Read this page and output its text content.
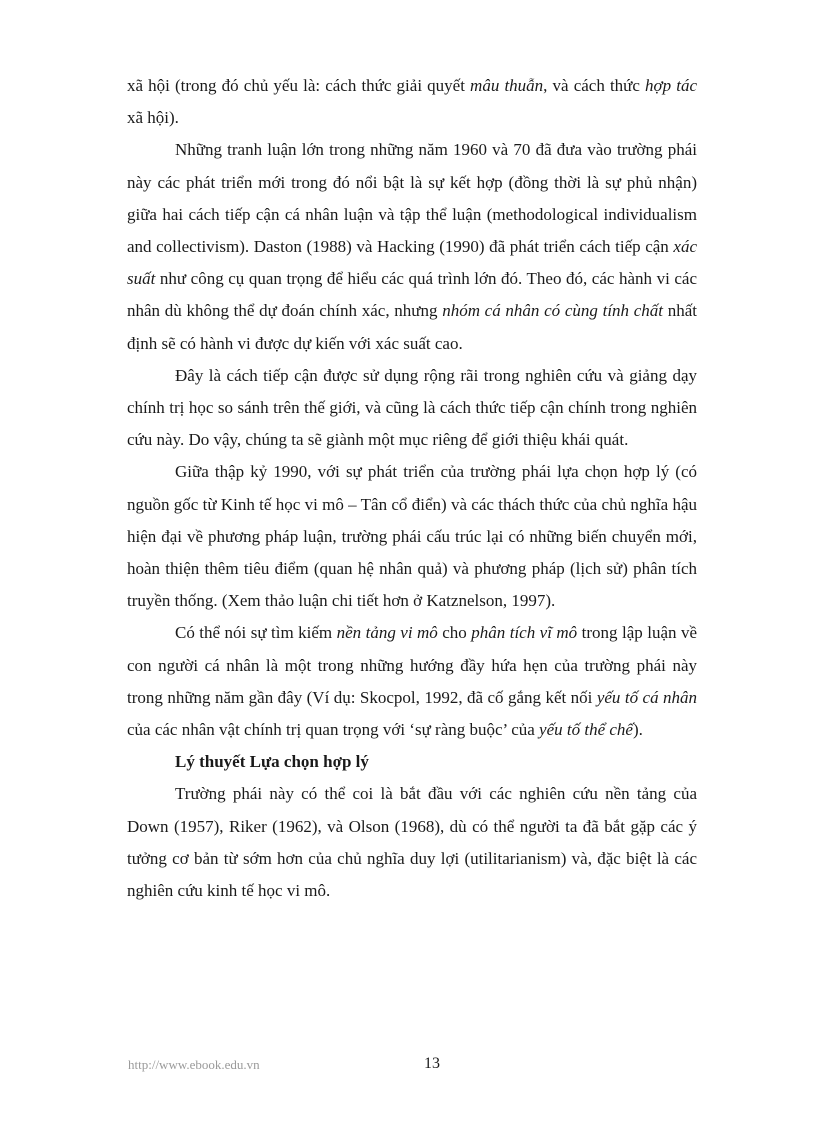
xã hội (trong đó chủ yếu là: cách thức giải quyết mâu thuẫn, và cách thức hợp tác xã hội).

Những tranh luận lớn trong những năm 1960 và 70 đã đưa vào trường phái này các phát triển mới trong đó nổi bật là sự kết hợp (đồng thời là sự phủ nhận) giữa hai cách tiếp cận cá nhân luận và tập thể luận (methodological individualism and collectivism). Daston (1988) và Hacking (1990) đã phát triển cách tiếp cận xác suất như công cụ quan trọng để hiểu các quá trình lớn đó. Theo đó, các hành vi các nhân dù không thể dự đoán chính xác, nhưng nhóm cá nhân có cùng tính chất nhất định sẽ có hành vi được dự kiến với xác suất cao.

Đây là cách tiếp cận được sử dụng rộng rãi trong nghiên cứu và giảng dạy chính trị học so sánh trên thế giới, và cũng là cách thức tiếp cận chính trong nghiên cứu này. Do vậy, chúng ta sẽ giành một mục riêng để giới thiệu khái quát.

Giữa thập kỷ 1990, với sự phát triển của trường phái lựa chọn hợp lý (có nguồn gốc từ Kinh tế học vi mô – Tân cổ điển) và các thách thức của chủ nghĩa hậu hiện đại về phương pháp luận, trường phái cấu trúc lại có những biến chuyển mới, hoàn thiện thêm tiêu điểm (quan hệ nhân quả) và phương pháp (lịch sử) phân tích truyền thống. (Xem thảo luận chi tiết hơn ở Katznelson, 1997).

Có thể nói sự tìm kiếm nền tảng vi mô cho phân tích vĩ mô trong lập luận về con người cá nhân là một trong những hướng đầy hứa hẹn của trường phái này trong những năm gần đây (Ví dụ: Skocpol, 1992, đã cố gắng kết nối yếu tố cá nhân của các nhân vật chính trị quan trọng với ‘sự ràng buộc’ của yếu tố thể chế).

Lý thuyết Lựa chọn hợp lý

Trường phái này có thể coi là bắt đầu với các nghiên cứu nền tảng của Down (1957), Riker (1962), và Olson (1968), dù có thể người ta đã bắt gặp các ý tưởng cơ bản từ sớm hơn của chủ nghĩa duy lợi (utilitarianism) và, đặc biệt là các nghiên cứu kinh tế học vi mô.

http://www.ebook.edu.vn	13
